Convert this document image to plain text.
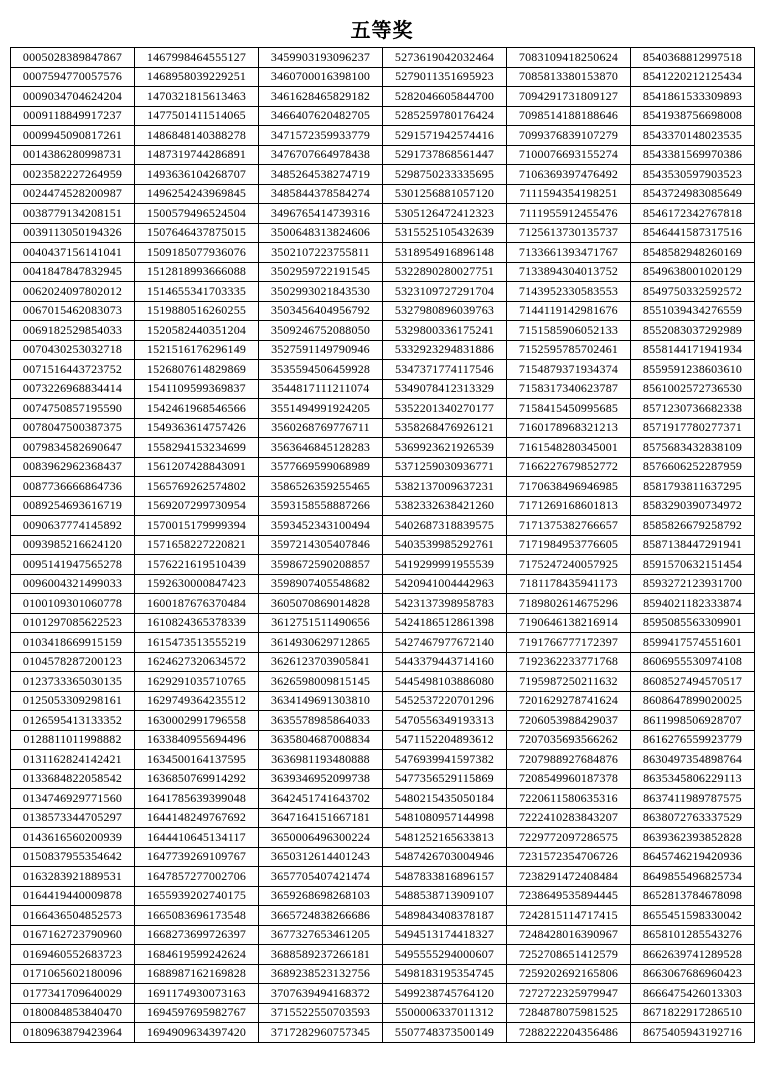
五等奖
0005028389847867	1467998464555127	3459903193096237	5273619042032464	7083109418250624	8540368812997518
0007594770057576	1468958039229251	3460700016398100	5279011351695923	7085813380153870	8541220212125434
0009034704624204	1470321815613463	3461628465829182	5282046605844700	7094291731809127	8541861533309893
0009118849917237	1477501411514065	3466407620482705	5285259780176424	7098514188188646	8541938756698008
0009945090817261	1486848140388278	3471572359933779	5291571942574416	7099376839107279	8543370148023535
0014386280998731	1487319744286891	3476707664978438	5291737868561447	7100076693155274	8543381569970386
0023582227264959	1493636104268707	3485264538274719	5298750233335695	7106369397476492	8543530597903523
0024474528200987	1496254243969845	3485844378584274	5301256881057120	7111594354198251	8543724983085649
0038779134208151	1500579496524504	3496765414739316	5305126472412323	7111955912455476	8546172342767818
0039113050194326	1507646437875015	3500648313824606	5315525105432639	7125613730135737	8546441587317516
0040437156141041	1509185077936076	3502107223755811	5318954916896148	7133661393471767	8548582948260169
0041847847832945	1512818993666088	3502959722191545	5322890280027751	7133894304013752	8549638001020129
0062024097802012	1514655341703335	3502993021843530	5323109727291704	7143952330583553	8549750332592572
0067015462083073	1519880516260255	3503456404956792	5327980896039763	7144119142981676	8551039434276559
0069182529854033	1520582440351204	3509246752088050	5329800336175241	7151585906052133	8552083037292989
0070430253032718	1521516176296149	3527591149790946	5332923294831886	7152595785702461	8558144171941934
0071516443723752	1526807614829869	3535594506459928	5347371774117546	7154879371934374	8559591238603610
0073226968834414	1541109599369837	3544817111211074	5349078412313329	7158317340623787	8561002572736530
0074750857195590	1542461968546566	3551494991924205	5352201340270177	7158415450995685	8571230736682338
0078047500387375	1549363614757426	3560268769776711	5358268476926121	7160178968321213	8571917780277371
0079834582690647	1558294153234699	3563646845128283	5369923621926539	7161548280345001	8575683432838109
0083962962368437	1561207428843091	3577669599068989	5371259030936771	7166227679852772	8576606252287959
0087736666864736	1565769262574802	3586526359255465	5382137009637231	7170638496946985	8581793811637295
0089254693616719	1569207299730954	3593158558887266	5382332638421260	7171269168601813	8583290390734972
0090637774145892	1570015179999394	3593452343100494	5402687318839575	7171375382766657	8585826679258792
0093985216624120	1571658227220821	3597214305407846	5403539985292761	7171984953776605	8587138447291941
0095141947565278	1576221619510439	3598672590208857	5419299991955539	7175247240057925	8591570632151454
0096004321499033	1592630000847423	3598907405548682	5420941004442963	7181178435941173	8593272123931700
0100109301060778	1600187676370484	3605070869014828	5423137398958783	7189802614675296	8594021182333874
0101297085622523	1610824365378339	3612751511490656	5424186512861398	7190646138216914	8595085563309901
0103418669915159	1615473513555219	3614930629712865	5427467977672140	7191766777172397	8599417574551601
0104578287200123	1624627320634572	3626123703905841	5443379443714160	7192362233771768	8606955530974108
0123733365030135	1629291035710765	3626598009815145	5445498103886080	7195987250211632	8608527494570517
0125053309298161	1629749364235512	3634149691303810	5452537220701296	7201629278741624	8608647899020025
0126595413133352	1630002991796558	3635578985864033	5470556349193313	7206053988429037	8611998506928707
0128811011998882	1633840955694496	3635804687008834	5471152204893612	7207035693566262	8616276559923779
0131162824142421	1634500164137595	3636981193480888	5476939941597382	7207988927684876	8630497354898764
0133684822058542	1636850769914292	3639346952099738	5477356529115869	7208549960187378	8635345806229113
0134746929771560	1641785639399048	3642451741643702	5480215435050184	7220611580635316	8637411989787575
0138573344705297	1644148249767692	3647164151667181	5481080957144998	7222410283843207	8638072763337529
0143616560200939	1644410645134117	3650006496300224	5481252165633813	7229772097286575	8639362393852828
0150837955354642	1647739269109767	3650312614401243	5487426703004946	7231572354706726	8645746219420936
0163283921889531	1647857277002706	3657705407421474	5487833816896157	7238291472408484	8649855496825734
0164419440009878	1655939202740175	3659268698268103	5488538713909107	7238649535894445	8652813784678098
0166436504852573	1665083696173548	3665724838266686	5489843408378187	7242815114717415	8655451598330042
0167162723790960	1668273699726397	3677327653461205	5494513174418327	7248428016390967	8658101285543276
0169460552683723	1684619599242624	3688589237266181	5495555294000607	7252708651412579	8662639741289528
0171065602180096	1688987162169828	3689238523132756	5498183195354745	7259202692165806	8663067686960423
0177341709640029	1691174930073163	3707639494168372	5499238745764120	7272722325979947	8666475426013303
0180084853840470	1694597695982767	3715522550703593	5500006337011312	7284878075981525	8671822917286510
0180963879423964	1694909634397420	3717282960757345	5507748373500149	7288222204356486	8675405943192716
